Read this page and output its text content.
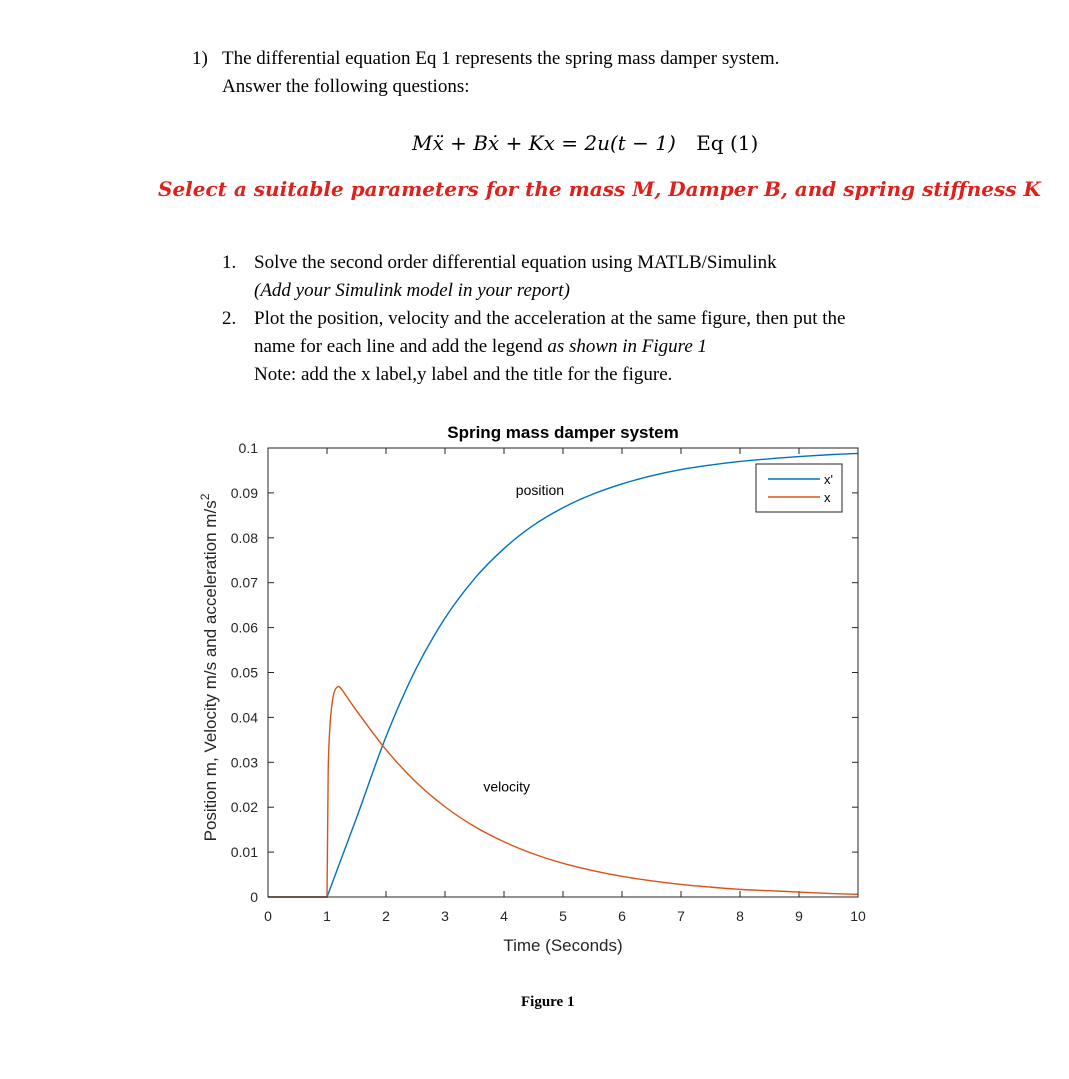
1) The differential equation Eq 1 represents the spring mass damper system.
Answer the following questions:
Mẍ + Bẋ + Kx = 2u(t − 1) Eq (1)
Select a suitable parameters for the mass M, Damper B, and spring stiffness K
1. Solve the second order differential equation using MATLB/Simulink
(Add your Simulink model in your report)
2. Plot the position, velocity and the acceleration at the same figure, then put the
name for each line and add the legend as shown in Figure 1
Note: add the x label,y label and the title for the figure.
0	1	2	3	4	5	6	7	8	9	10
0
0.01
0.02
0.03
0.04
0.05
0.06
0.07
0.08
0.09
0.1
Spring mass damper system
Time (Seconds)
Position m, Velocity m/s and acceleration $m/s^2$	position
velocity
x'
x
Figure 1
